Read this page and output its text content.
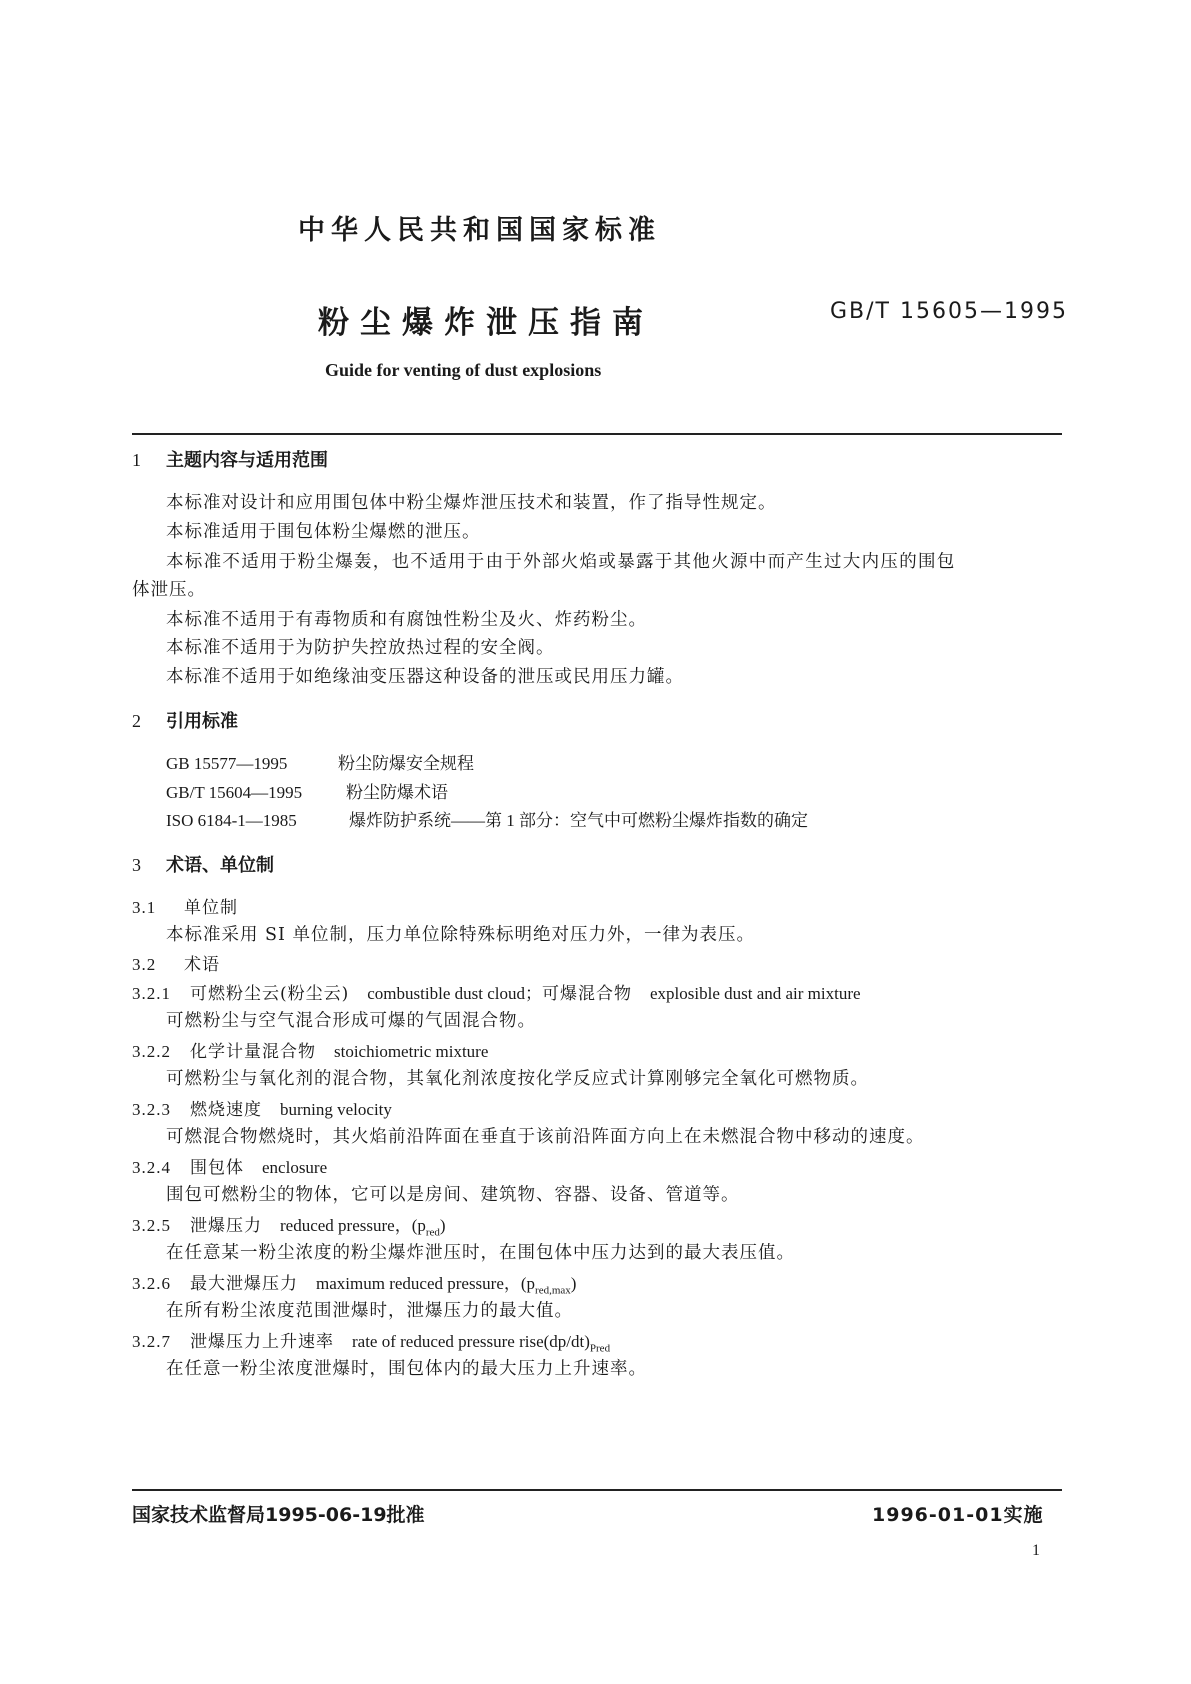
中华人民共和国国家标准
粉尘爆炸泄压指南	GB/T 15605—1995
Guide for venting of dust explosions
1 主题内容与适用范围
本标准对设计和应用围包体中粉尘爆炸泄压技术和装置，作了指导性规定。
本标准适用于围包体粉尘爆燃的泄压。
本标准不适用于粉尘爆轰，也不适用于由于外部火焰或暴露于其他火源中而产生过大内压的围包
体泄压。
本标准不适用于有毒物质和有腐蚀性粉尘及火、炸药粉尘。
本标准不适用于为防护失控放热过程的安全阀。
本标准不适用于如绝缘油变压器这种设备的泄压或民用压力罐。
2 引用标准
GB 15577—1995	粉尘防爆安全规程
GB/T 15604—1995	粉尘防爆术语
ISO 6184-1—1985	爆炸防护系统——第 1 部分：空气中可燃粉尘爆炸指数的确定
3 术语、单位制
3.1 单位制
本标准采用 SI 单位制，压力单位除特殊标明绝对压力外，一律为表压。
3.2 术语
3.2.1 可燃粉尘云(粉尘云) combustible dust cloud；可爆混合物 explosible dust and air mixture
可燃粉尘与空气混合形成可爆的气固混合物。
3.2.2 化学计量混合物 stoichiometric mixture
可燃粉尘与氧化剂的混合物，其氧化剂浓度按化学反应式计算刚够完全氧化可燃物质。
3.2.3 燃烧速度 burning velocity
可燃混合物燃烧时，其火焰前沿阵面在垂直于该前沿阵面方向上在未燃混合物中移动的速度。
3.2.4 围包体 enclosure
围包可燃粉尘的物体，它可以是房间、建筑物、容器、设备、管道等。
3.2.5 泄爆压力 reduced pressure，$(p_{red})$
在任意某一粉尘浓度的粉尘爆炸泄压时，在围包体中压力达到的最大表压值。
3.2.6 最大泄爆压力 maximum reduced pressure，$(p_{red,max})$
在所有粉尘浓度范围泄爆时，泄爆压力的最大值。
3.2.7 泄爆压力上升速率 rate of reduced pressure $rise(dp/dt)_{Pred}$
在任意一粉尘浓度泄爆时，围包体内的最大压力上升速率。
国家技术监督局1995-06-19批准	1996-01-01实施
1
